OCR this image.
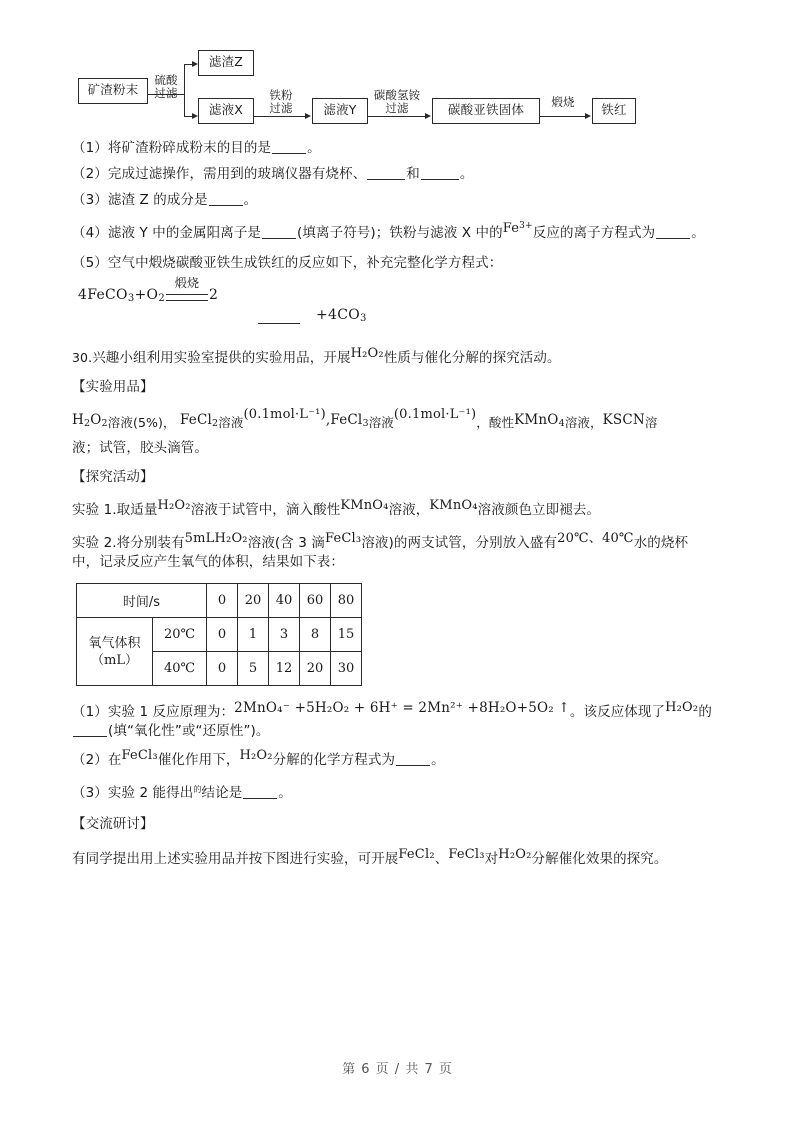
矿渣粉末
滤渣Z
滤液X	滤液Y	碳酸亚铁固体	铁红
硫酸
过滤	铁粉
过滤
碳酸氢铵
过滤	煅烧

（1）将矿渣粉碎成粉末的目的是	。

（2）完成过滤操作，需用到的玻璃仪器有烧杯、	和	。

（3）滤渣 Z 的成分是	。

（4）滤液 Y 中的金属阳离子是	(填离子符号)；铁粉与滤液 X 中的$Fe^{3+}$反应的离子方程式为	。

（5）空气中煅烧碳酸亚铁生成铁红的反应如下，补充完整化学方程式：

$4FeCO_3+O_2$
煅烧
2
$+4CO_3$

30.兴趣小组利用实验室提供的实验用品，开展H₂O₂性质与催化分解的探究活动。

【实验用品】

$H_2O_2$溶液(5%)， FeCl$_2$溶液(0.1mol·L⁻¹),FeCl$_3$溶液(0.1mol·L⁻¹)，酸性KMnO$_4$溶液，KSCN溶

液；试管，胶头滴管。

【探究活动】

实验 1.取适量H₂O₂溶液于试管中，滴入酸性KMnO₄溶液，KMnO₄溶液颜色立即褪去。

实验 2.将分别装有5mLH₂O₂溶液(含 3 滴FeCl₃溶液)的两支试管，分别放入盛有20℃、40℃水的烧杯

中，记录反应产生氧气的体积，结果如下表：

时间/s		0	20	40	60	80
氧气体积
（mL）	20℃	0	1	3	8	15
	40℃	0	5	12	20	30

（1）实验 1 反应原理为：2MnO₄⁻ +5H₂O₂ + 6H⁺ = 2Mn²⁺ +8H₂O+5O₂ ↑。该反应体现了H₂O₂的

(填“氧化性”或“还原性”)。

（2）在FeCl₃催化作用下，H₂O₂分解的化学方程式为	。

（3）实验 2 能得出$^的$结论是	。

【交流研讨】

有同学提出用上述实验用品并按下图进行实验，可开展FeCl₂、FeCl₃对H₂O₂分解催化效果的探究。

第 6 页 / 共 7 页
